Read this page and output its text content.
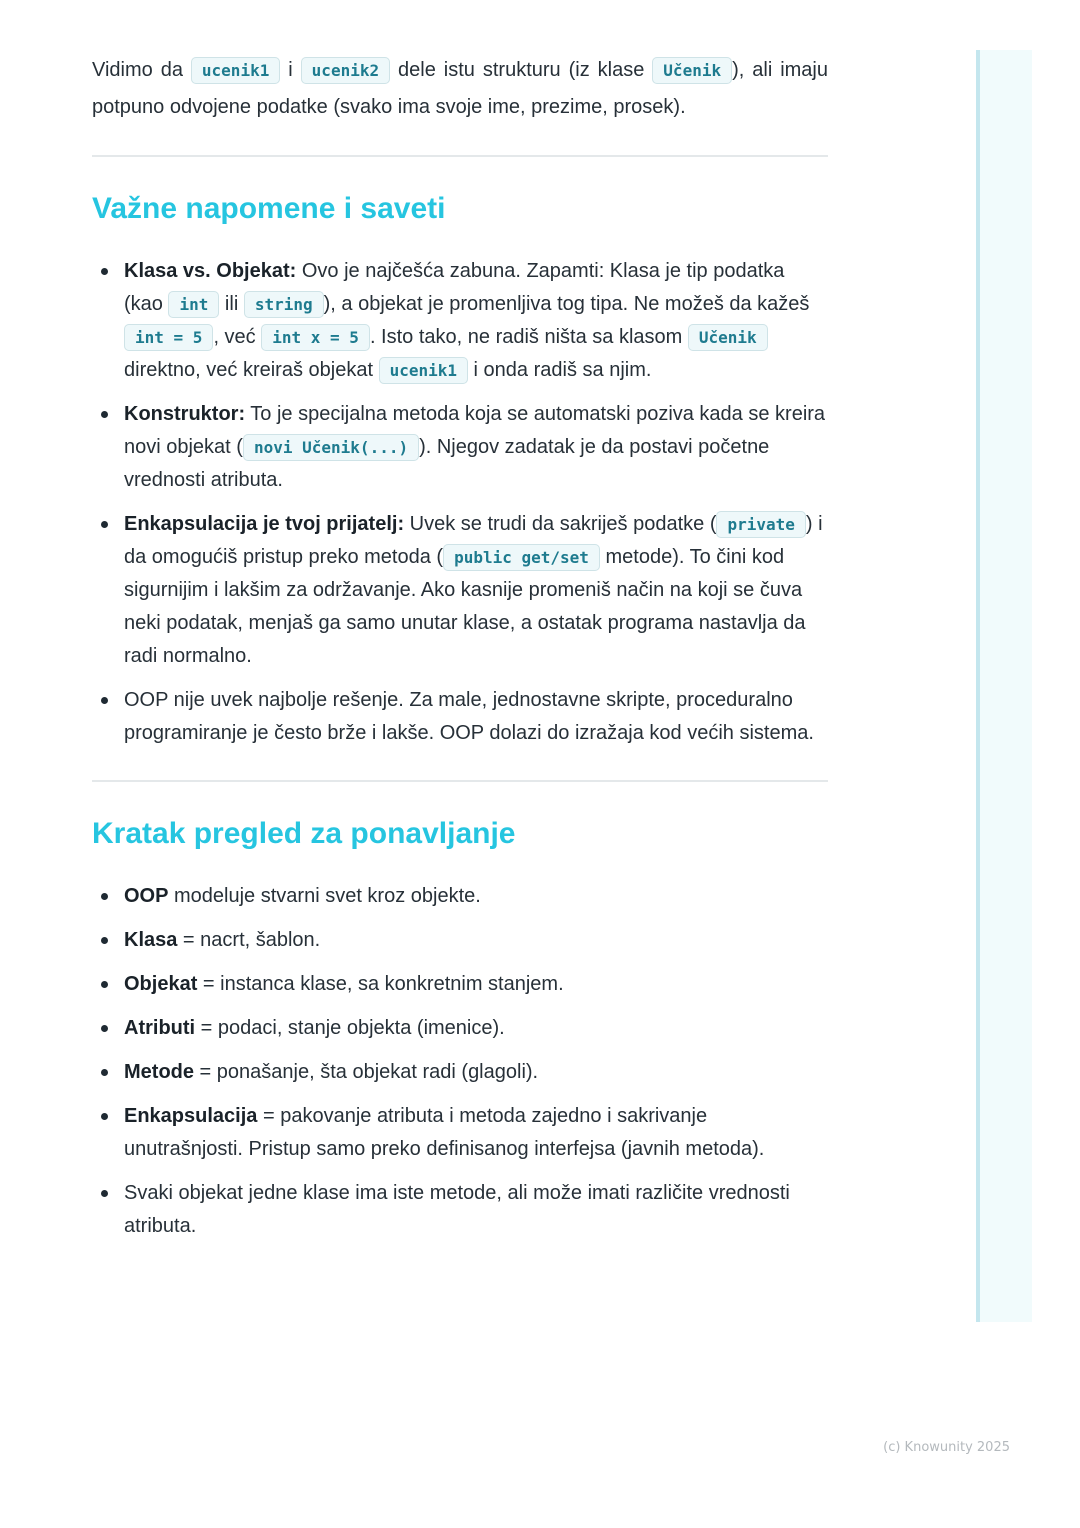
Vidimo da ucenik1 i ucenik2 dele istu strukturu (iz klase Učenik ), ali imaju potpuno odvojene podatke (svako ima svoje ime, prezime, prosek).

Važne napomene i saveti
Klasa vs. Objekat: Ovo je najčešća zabuna. Zapamti: Klasa je tip podatka (kao int ili string ), a objekat je promenljiva tog tipa. Ne možeš da kažeš int = 5 , već int x = 5 . Isto tako, ne radiš ništa sa klasom Učenik direktno, već kreiraš objekat ucenik1 i onda radiš sa njim.
Konstruktor: To je specijalna metoda koja se automatski poziva kada se kreira novi objekat ( novi Učenik(...) ). Njegov zadatak je da postavi početne vrednosti atributa.
Enkapsulacija je tvoj prijatelj: Uvek se trudi da sakriješ podatke ( private ) i da omogućiš pristup preko metoda ( public get/set metode). To čini kod sigurnijim i lakšim za održavanje. Ako kasnije promeniš način na koji se čuva neki podatak, menjaš ga samo unutar klase, a ostatak programa nastavlja da radi normalno.
OOP nije uvek najbolje rešenje. Za male, jednostavne skripte, proceduralno programiranje je često brže i lakše. OOP dolazi do izražaja kod većih sistema.
Kratak pregled za ponavljanje
OOP modeluje stvarni svet kroz objekte.
Klasa = nacrt, šablon.
Objekat = instanca klase, sa konkretnim stanjem.
Atributi = podaci, stanje objekta (imenice).
Metode = ponašanje, šta objekat radi (glagoli).
Enkapsulacija = pakovanje atributa i metoda zajedno i sakrivanje unutrašnjosti. Pristup samo preko definisanog interfejsa (javnih metoda).
Svaki objekat jedne klase ima iste metode, ali može imati različite vrednosti atributa.
(c) Knowunity 2025
